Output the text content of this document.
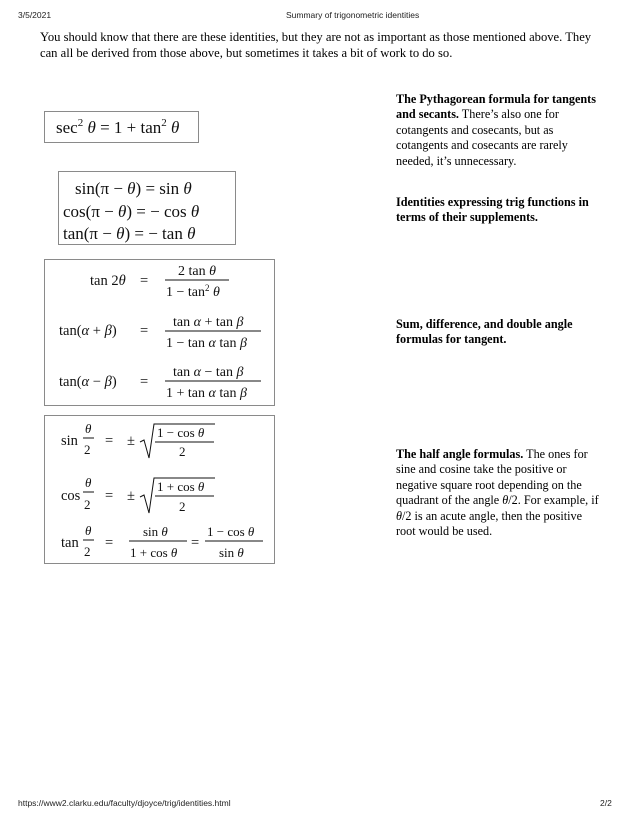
3/5/2021	Summary of trigonometric identities
You should know that there are these identities, but they are not as important as those mentioned above. They can all be derived from those above, but sometimes it takes a bit of work to do so.
$\sec^2 \theta = 1 + \tan^2 \theta$
sin(π − θ) = sin θ
cos(π − θ) = − cos θ
tan(π − θ) = − tan θ
tan 2θ =
2 tan θ
$1 - \tan^2 \theta$
tan(α + β) =
tan α + tan β
1 − tan α tan β
tan(α − β) =
tan α − tan β
1 + tan α tan β
sin
θ
2
= ±
1 − cos θ
2
cos
θ
2
= ±
1 + cos θ
2
tan
θ
2
=
sin θ
1 + cos θ
=
1 − cos θ
sin θ
The Pythagorean formula for tangents and secants. There’s also one for cotangents and cosecants, but as cotangents and cosecants are rarely needed, it’s unnecessary.
Identities expressing trig functions in terms of their supplements.
Sum, difference, and double angle formulas for tangent.
The half angle formulas. The ones for sine and cosine take the positive or negative square root depending on the quadrant of the angle θ/2. For example, if θ/2 is an acute angle, then the positive root would be used.
https://www2.clarku.edu/faculty/djoyce/trig/identities.html	2/2
